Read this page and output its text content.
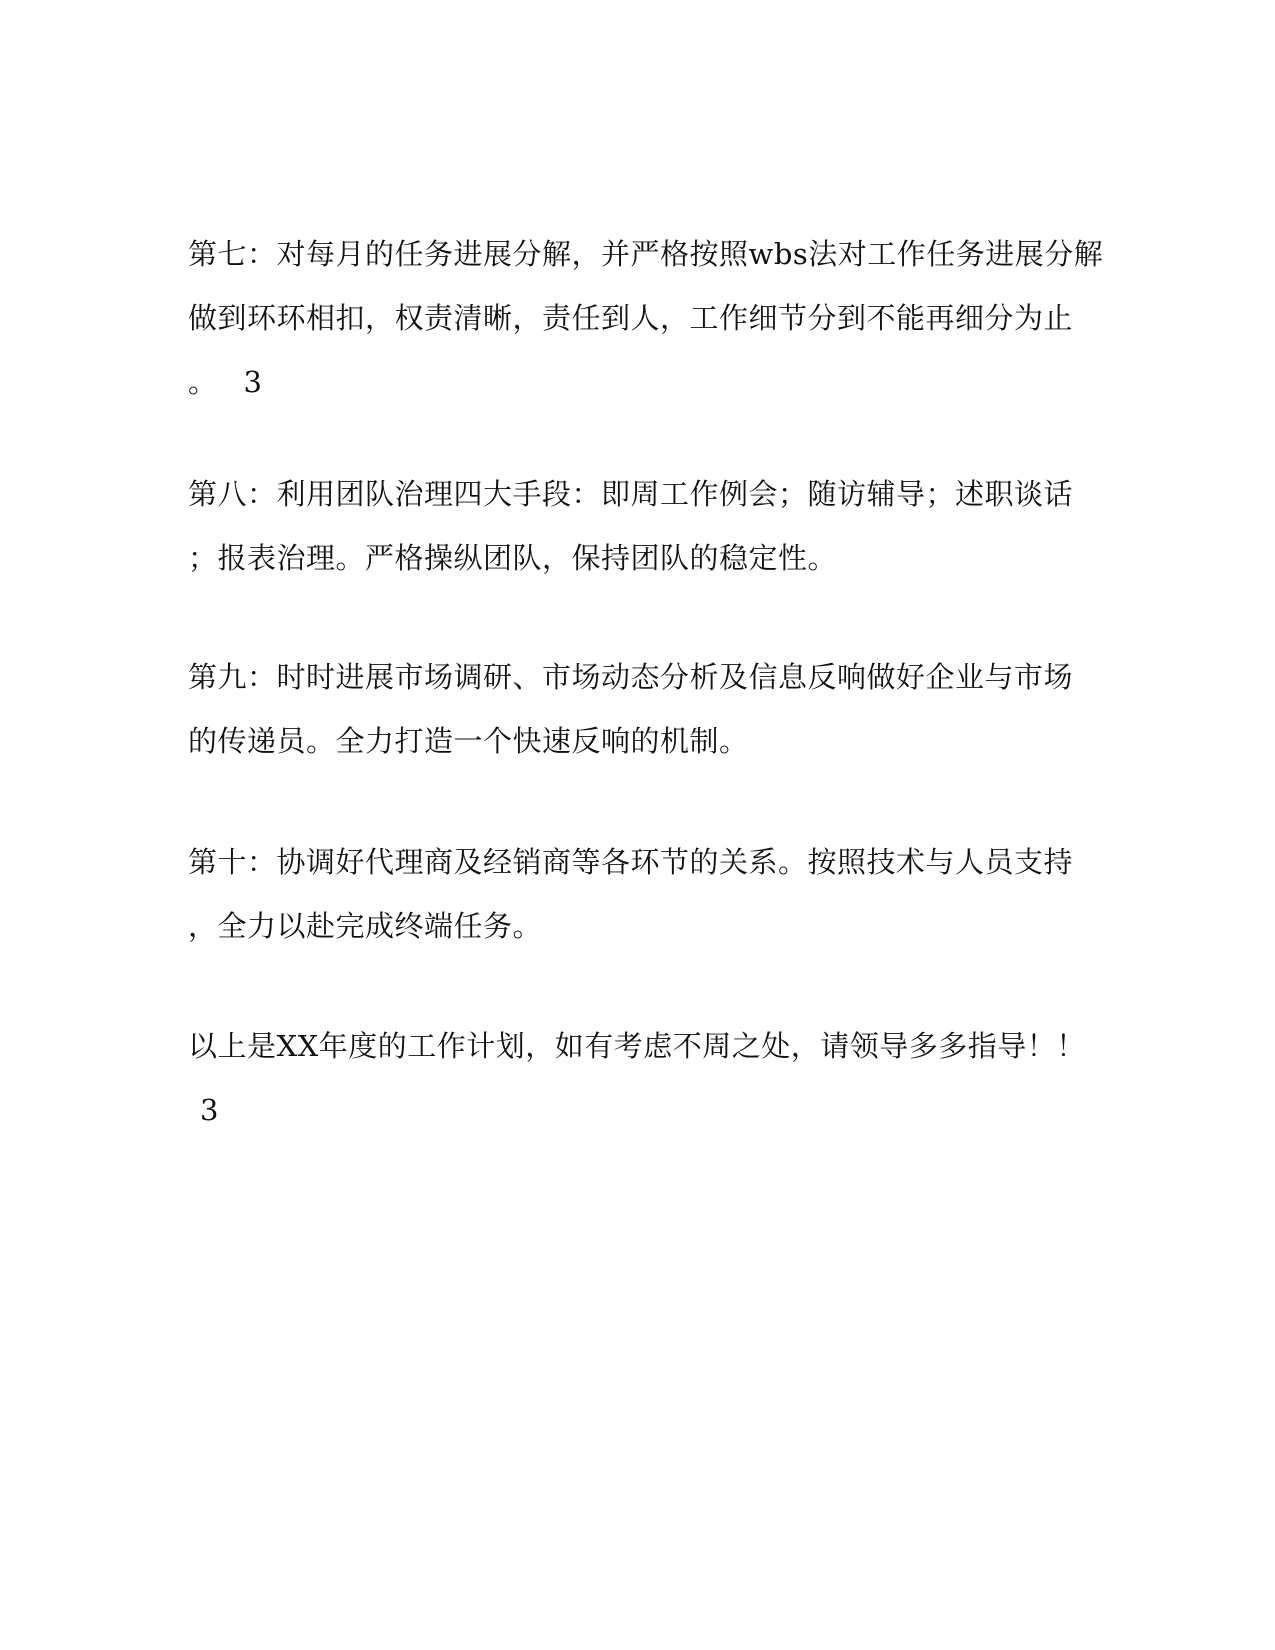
第七：对每月的任务进展分解，并严格按照wbs法对工作任务进展分解
做到环环相扣，权责清晰，责任到人，工作细节分到不能再细分为止
。 3
第八：利用团队治理四大手段：即周工作例会；随访辅导；述职谈话
；报表治理。严格操纵团队，保持团队的稳定性。
第九：时时进展市场调研、市场动态分析及信息反响做好企业与市场
的传递员。全力打造一个快速反响的机制。
第十：协调好代理商及经销商等各环节的关系。按照技术与人员支持
，全力以赴完成终端任务。
以上是XX年度的工作计划，如有考虑不周之处，请领导多多指导！！
3
